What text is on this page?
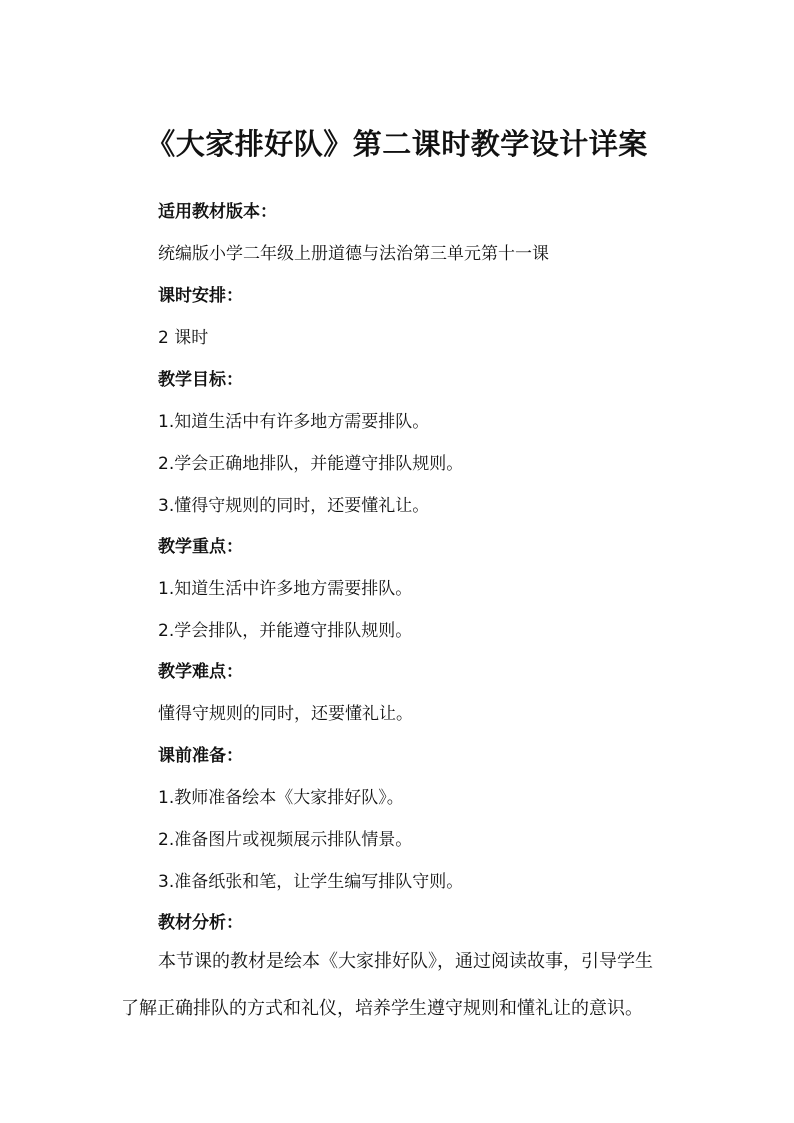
《大家排好队》第二课时教学设计详案

适用教材版本：

统编版小学二年级上册道德与法治第三单元第十一课

课时安排：

2 课时

教学目标：

1.知道生活中有许多地方需要排队。

2.学会正确地排队，并能遵守排队规则。

3.懂得守规则的同时，还要懂礼让。

教学重点：

1.知道生活中许多地方需要排队。

2.学会排队，并能遵守排队规则。

教学难点：

懂得守规则的同时，还要懂礼让。

课前准备：

1.教师准备绘本《大家排好队》。

2.准备图片或视频展示排队情景。

3.准备纸张和笔，让学生编写排队守则。

教材分析：

本节课的教材是绘本《大家排好队》，通过阅读故事，引导学生
了解正确排队的方式和礼仪，培养学生遵守规则和懂礼让的意识。
